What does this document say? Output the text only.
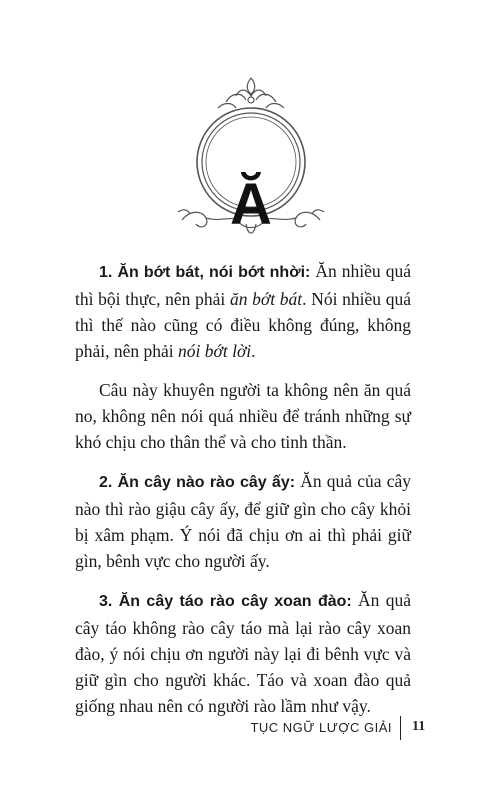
Ă

1. Ăn bớt bát, nói bớt nhời: Ăn nhiều quá thì bội thực, nên phải ăn bớt bát. Nói nhiều quá thì thế nào cũng có điều không đúng, không phải, nên phải nói bớt lời.

Câu này khuyên người ta không nên ăn quá no, không nên nói quá nhiều để tránh những sự khó chịu cho thân thể và cho tinh thần.

2. Ăn cây nào rào cây ấy: Ăn quả của cây nào thì rào giậu cây ấy, để giữ gìn cho cây khỏi bị xâm phạm. Ý nói đã chịu ơn ai thì phải giữ gìn, bênh vực cho người ấy.

3. Ăn cây táo rào cây xoan đào: Ăn quả cây táo không rào cây táo mà lại rào cây xoan đào, ý nói chịu ơn người này lại đi bênh vực và giữ gìn cho người khác. Táo và xoan đào quả giống nhau nên có người rào lầm như vậy.

TỤC NGỮ LƯỢC GIẢI 11
